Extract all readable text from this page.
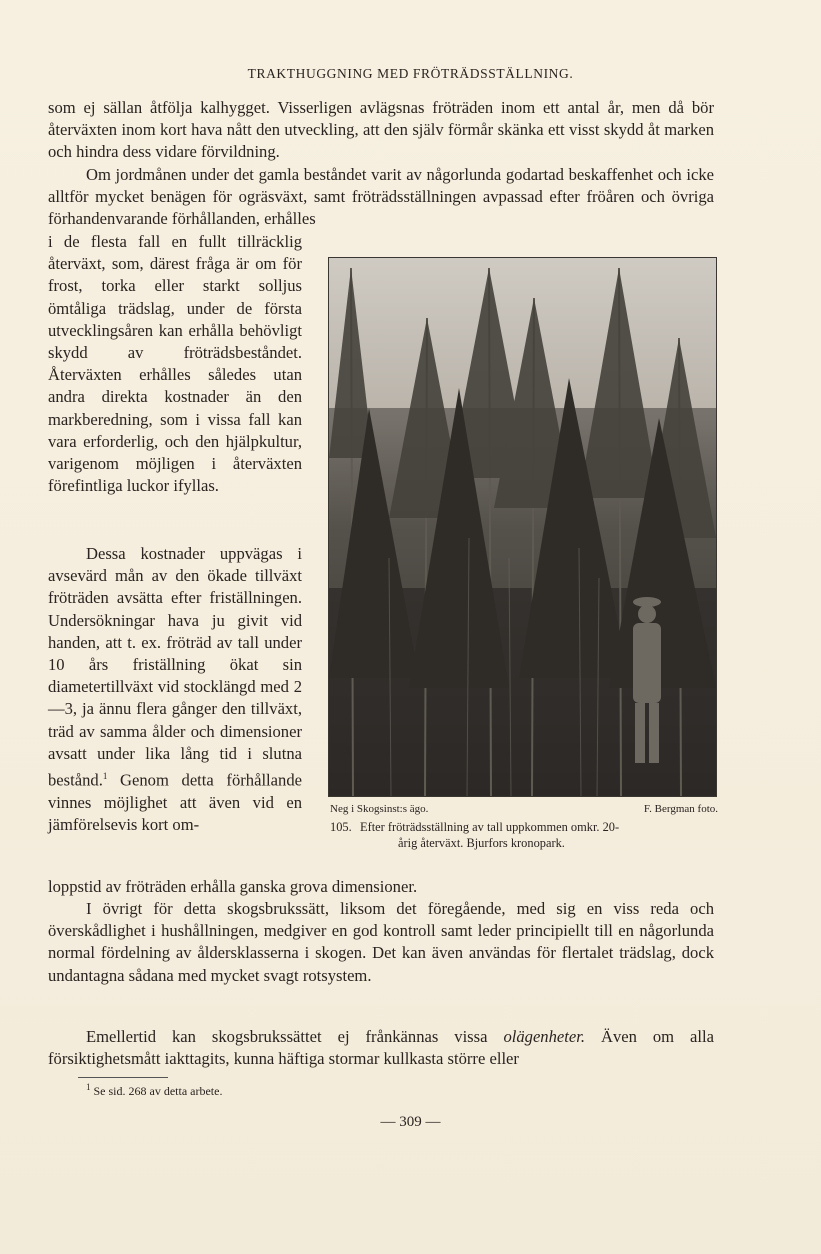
TRAKTHUGGNING MED FRÖTRÄDSSTÄLLNING.

som ej sällan åtfölja kalhygget. Visserligen avlägsnas fröträden inom ett antal år, men då bör återväxten inom kort hava nått den utveckling, att den själv förmår skänka ett visst skydd åt marken och hindra dess vidare förvildning.

Om jordmånen under det gamla beståndet varit av någorlunda godartad beskaffenhet och icke alltför mycket benägen för ogräsväxt, samt fröträdsställningen avpassad efter fröåren och övriga förhandenvarande förhållanden, erhålles

i de flesta fall en fullt tillräcklig återväxt, som, därest fråga är om för frost, torka eller starkt solljus ömtåliga trädslag, under de första utvecklingsåren kan erhålla behövligt skydd av fröträdsbeståndet. Återväxten erhålles således utan andra direkta kostnader än den markberedning, som i vissa fall kan vara erforderlig, och den hjälpkultur, varigenom möjligen i återväxten förefintliga luckor ifyllas.

Dessa kostnader uppvägas i avsevärd mån av den ökade tillväxt fröträden avsätta efter friställningen. Undersökningar hava ju givit vid handen, att t. ex. fröträd av tall under 10 års friställning ökat sin diametertillväxt vid stocklängd med 2—3, ja ännu flera gånger den tillväxt, träd av samma ålder och dimensioner avsatt under lika lång tid i slutna bestånd.$^1$ Genom detta förhållande vinnes möjlighet att även vid en jämförelsevis kort om-

loppstid av fröträden erhålla ganska grova dimensioner.

I övrigt för detta skogsbrukssätt, liksom det föregående, med sig en viss reda och överskådlighet i hushållningen, medgiver en god kontroll samt leder principiellt till en någorlunda normal fördelning av åldersklasserna i skogen. Det kan även användas för flertalet trädslag, dock undantagna sådana med mycket svagt rotsystem.

Emellertid kan skogsbrukssättet ej frånkännas vissa olägenheter. Även om alla försiktighetsmått iakttagits, kunna häftiga stormar kullkasta större eller

Neg i Skogsinst:s ägo.	F. Bergman foto.
105. Efter fröträdsställning av tall uppkommen omkr. 20-
årig återväxt. Bjurfors kronopark.
$^1$ Se sid. 268 av detta arbete.
— 309 —
